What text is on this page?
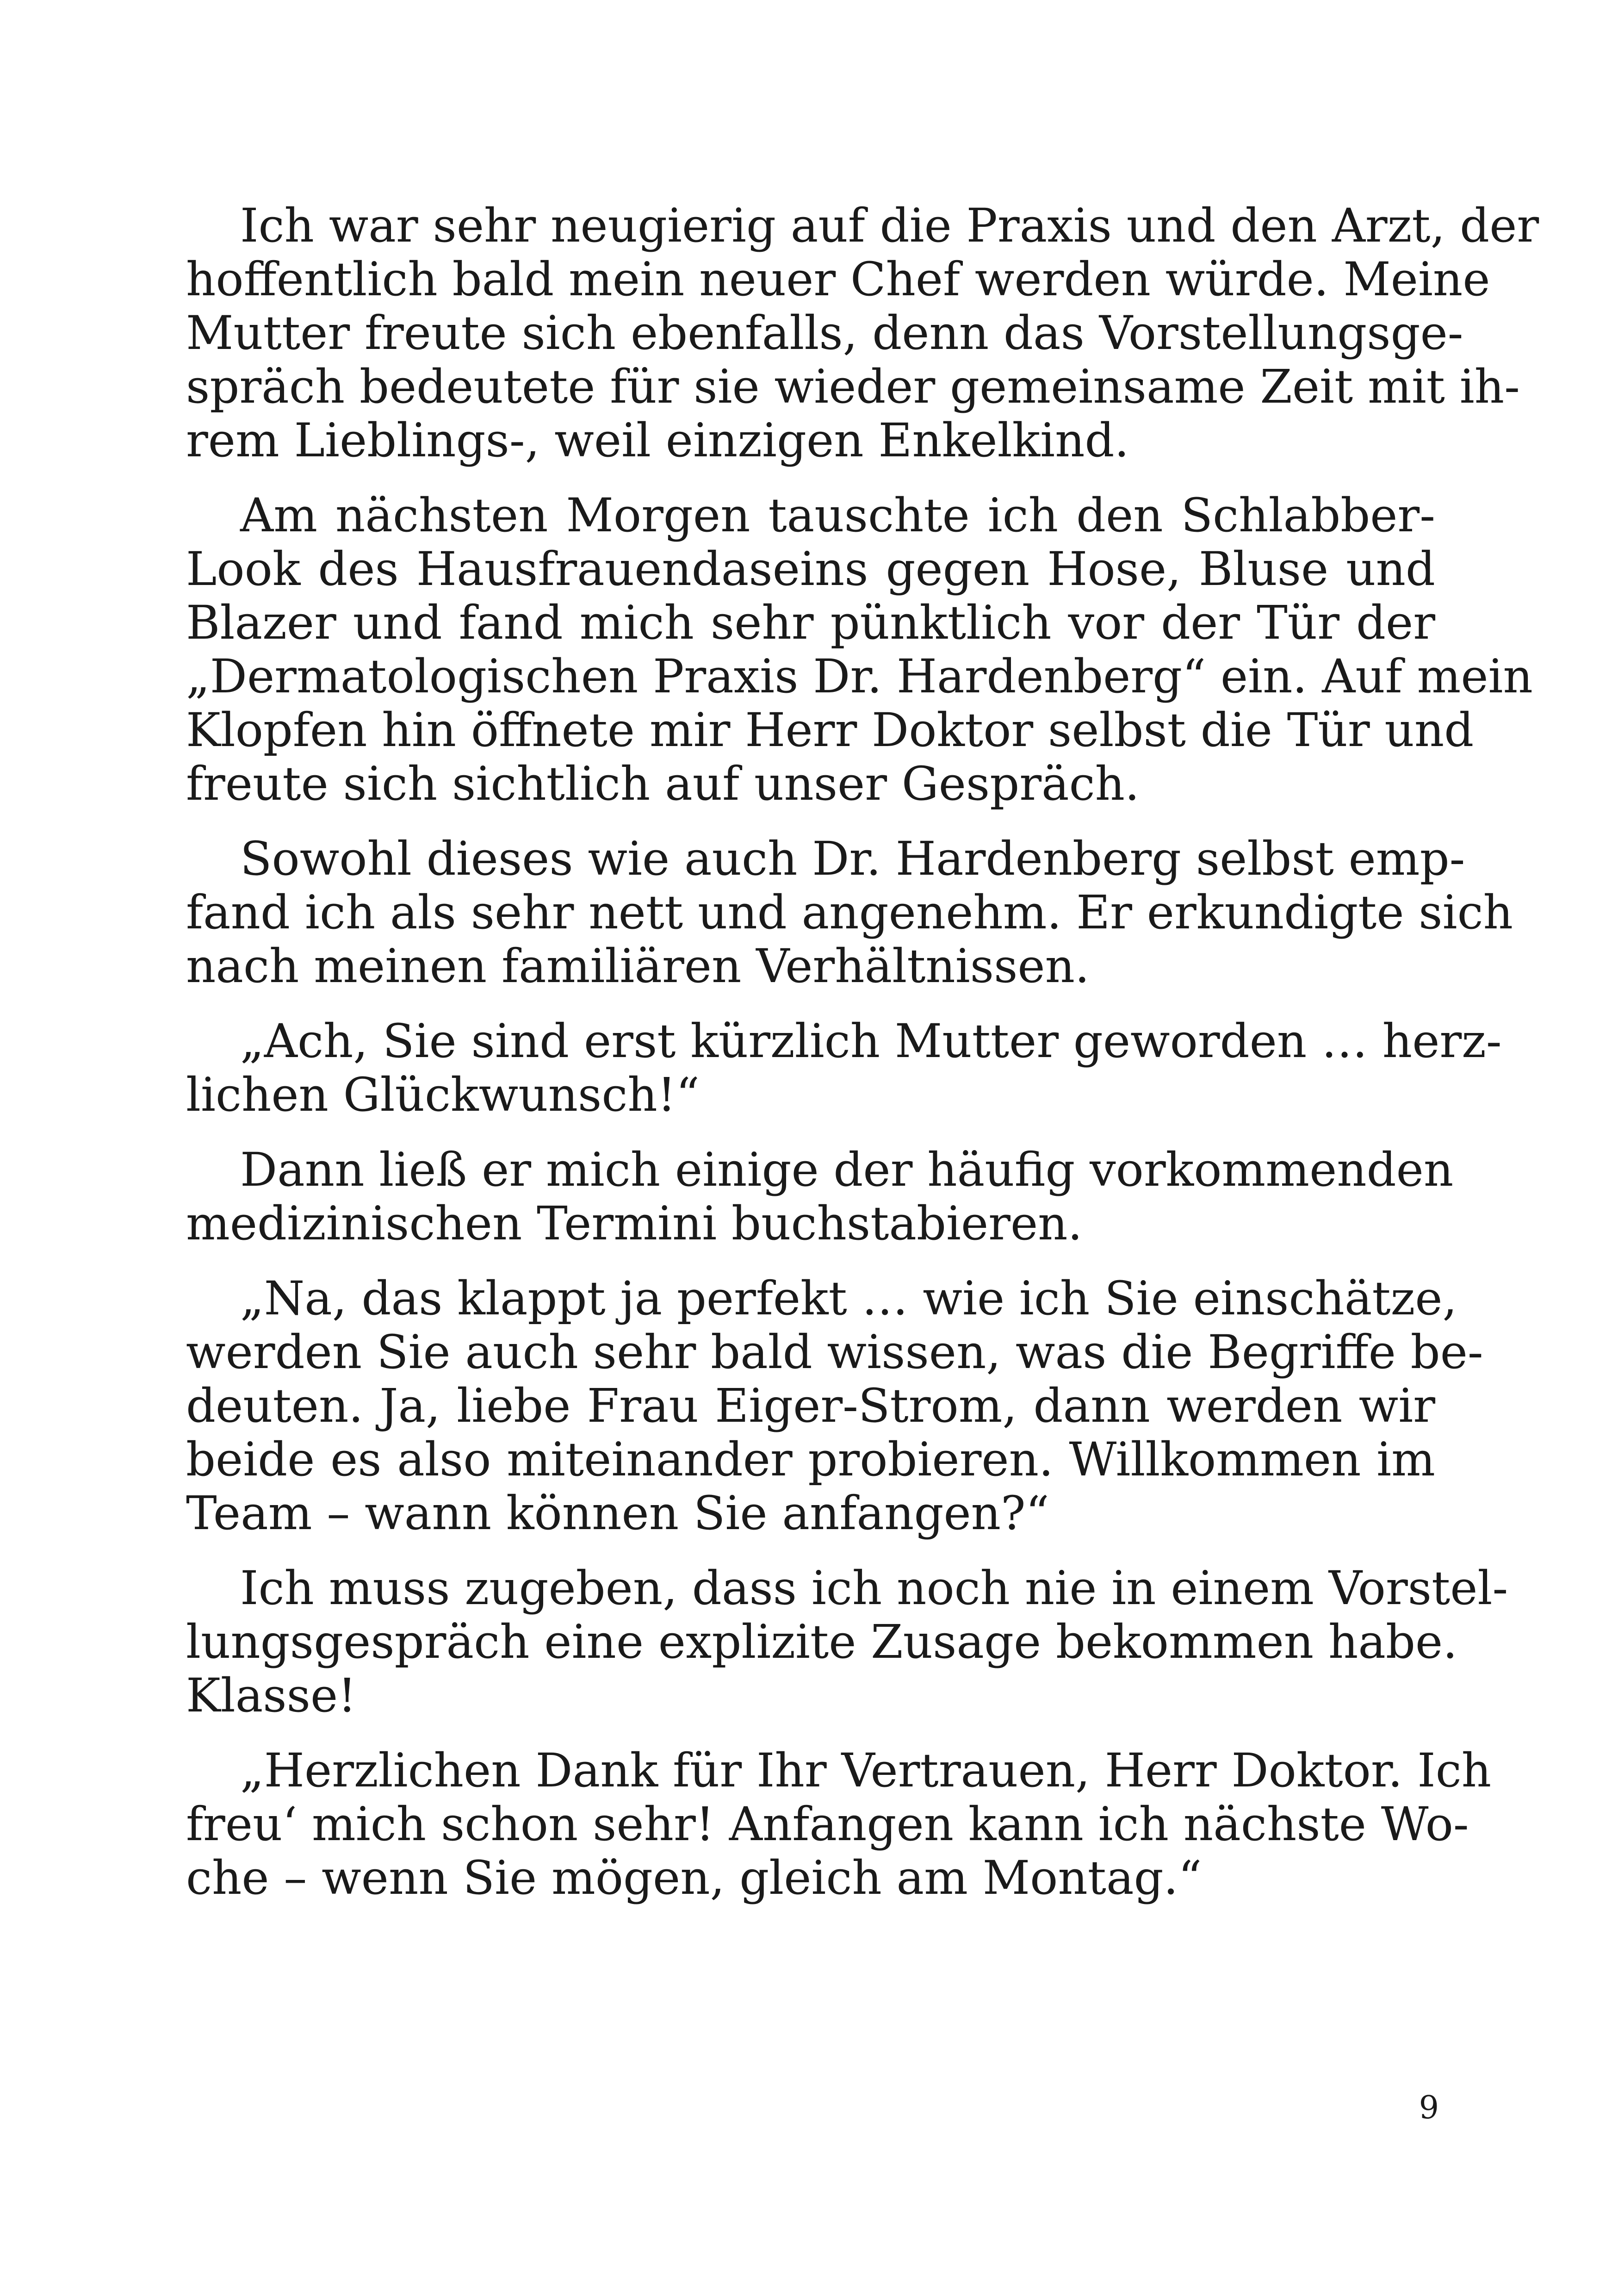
Ich war sehr neugierig auf die Praxis und den Arzt, der
hoffentlich bald mein neuer Chef werden würde. Meine
Mutter freute sich ebenfalls, denn das Vorstellungsge-
spräch bedeutete für sie wieder gemeinsame Zeit mit ih-
rem Lieblings-, weil einzigen Enkelkind.

Am nächsten Morgen tauschte ich den Schlabber-
Look des Hausfrauendaseins gegen Hose, Bluse und
Blazer und fand mich sehr pünktlich vor der Tür der
„Dermatologischen Praxis Dr. Hardenberg“ ein. Auf mein
Klopfen hin öffnete mir Herr Doktor selbst die Tür und
freute sich sichtlich auf unser Gespräch.

Sowohl dieses wie auch Dr. Hardenberg selbst emp-
fand ich als sehr nett und angenehm. Er erkundigte sich
nach meinen familiären Verhältnissen.

„Ach, Sie sind erst kürzlich Mutter geworden … herz-
lichen Glückwunsch!“

Dann ließ er mich einige der häufig vorkommenden
medizinischen Termini buchstabieren.

„Na, das klappt ja perfekt … wie ich Sie einschätze,
werden Sie auch sehr bald wissen, was die Begriffe be-
deuten. Ja, liebe Frau Eiger-Strom, dann werden wir
beide es also miteinander probieren. Willkommen im
Team – wann können Sie anfangen?“

Ich muss zugeben, dass ich noch nie in einem Vorstel-
lungsgespräch eine explizite Zusage bekommen habe.
Klasse!

„Herzlichen Dank für Ihr Vertrauen, Herr Doktor. Ich
freu‘ mich schon sehr! Anfangen kann ich nächste Wo-
che – wenn Sie mögen, gleich am Montag.“

9
